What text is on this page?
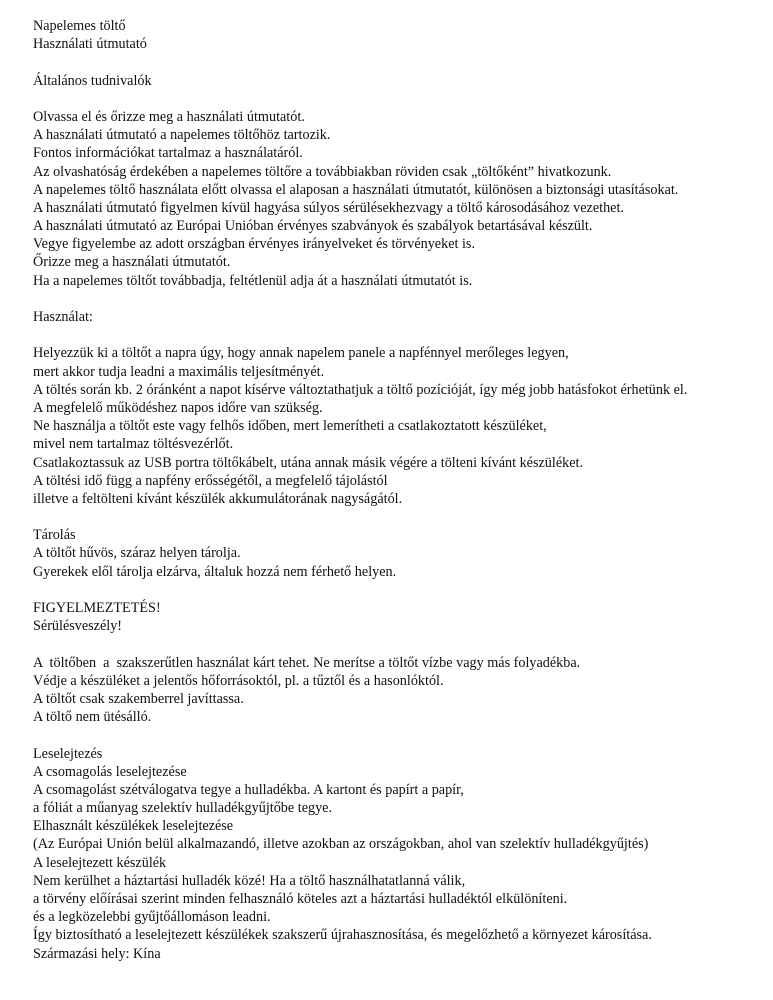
Napelemes töltő
Használati útmutató
Általános tudnivalók
Olvassa el és őrizze meg a használati útmutatót.
A használati útmutató a napelemes töltőhöz tartozik.
Fontos információkat tartalmaz a használatáról.
Az olvashatóság érdekében a napelemes töltőre a továbbiakban röviden csak „töltőként” hivatkozunk.
A napelemes töltő használata előtt olvassa el alaposan a használati útmutatót, különösen a biztonsági utasításokat.
A használati útmutató figyelmen kívül hagyása súlyos sérülésekhezvagy a töltő károsodásához vezethet.
A használati útmutató az Európai Unióban érvényes szabványok és szabályok betartásával készült.
Vegye figyelembe az adott országban érvényes irányelveket és törvényeket is.
Őrizze meg a használati útmutatót.
Ha a napelemes töltőt továbbadja, feltétlenül adja át a használati útmutatót is.
Használat:
Helyezzük ki a töltőt a napra úgy, hogy annak napelem panele a napfénnyel merőleges legyen,
mert akkor tudja leadni a maximális teljesítményét.
A töltés során kb. 2 óránként a napot kísérve változtathatjuk a töltő pozícióját, így még jobb hatásfokot érhetünk el.
A megfelelő működéshez napos időre van szükség.
Ne használja a töltőt este vagy felhős időben, mert lemerítheti a csatlakoztatott készüléket,
mivel nem tartalmaz töltésvezérlőt.
Csatlakoztassuk az USB portra töltőkábelt, utána annak másik végére a tölteni kívánt készüléket.
A töltési idő függ a napfény erősségétől, a megfelelő tájolástól
illetve a feltölteni kívánt készülék akkumulátorának nagyságától.
Tárolás
A töltőt hűvös, száraz helyen tárolja.
Gyerekek elől tárolja elzárva, általuk hozzá nem férhető helyen.
FIGYELMEZTETÉS!
Sérülésveszély!
A  töltőben  a  szakszerűtlen használat kárt tehet. Ne merítse a töltőt vízbe vagy más folyadékba.
Védje a készüléket a jelentős hőforrásoktól, pl. a tűztől és a hasonlóktól.
A töltőt csak szakemberrel javíttassa.
A töltő nem ütésálló.
Leselejtezés
A csomagolás leselejtezése
A csomagolást szétválogatva tegye a hulladékba. A kartont és papírt a papír,
a fóliát a műanyag szelektív hulladékgyűjtőbe tegye.
Elhasznált készülékek leselejtezése
(Az Európai Unión belül alkalmazandó, illetve azokban az országokban, ahol van szelektív hulladékgyűjtés)
A leselejtezett készülék
Nem kerülhet a háztartási hulladék közé! Ha a töltő használhatatlanná válik,
a törvény előírásai szerint minden felhasználó köteles azt a háztartási hulladéktól elkülöníteni.
és a legközelebbi gyűjtőállomáson leadni.
Így biztosítható a leselejtezett készülékek szakszerű újrahasznosítása, és megelőzhető a környezet károsítása.
Származási hely: Kína
